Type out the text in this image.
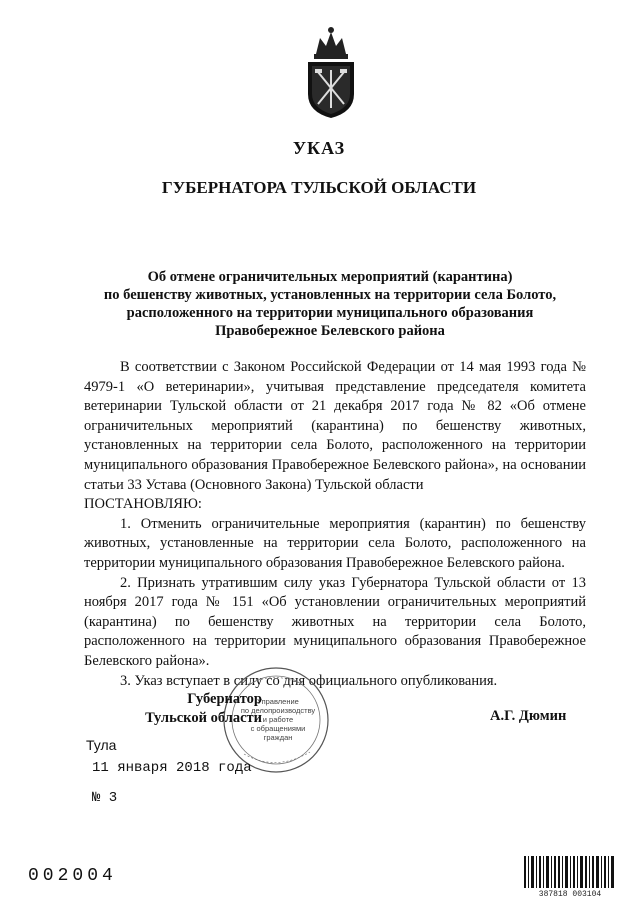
УКАЗ
ГУБЕРНАТОРА ТУЛЬСКОЙ ОБЛАСТИ
Об отмене ограничительных мероприятий (карантина)
по бешенству животных, установленных на территории села Болото,
расположенного на территории муниципального образования
Правобережное Белевского района

В соответствии с Законом Российской Федерации от 14 мая 1993 года № 4979-1 «О ветеринарии», учитывая представление председателя комитета ветеринарии Тульской области от 21 декабря 2017 года № 82 «Об отмене ограничительных мероприятий (карантина) по бешенству животных, установленных на территории села Болото, расположенного на территории муниципального образования Правобережное Белевского района», на основании статьи 33 Устава (Основного Закона) Тульской области

ПОСТАНОВЛЯЮ:

1. Отменить ограничительные мероприятия (карантин) по бешенству животных, установленные на территории села Болото, расположенного на территории муниципального образования Правобережное Белевского района.

2. Признать утратившим силу указ Губернатора Тульской области от 13 ноября 2017 года № 151 «Об установлении ограничительных мероприятий (карантина) по бешенству животных на территории села Болото, расположенного на территории муниципального образования Правобережное Белевского района».

3. Указ вступает в силу со дня официального опубликования.

Управление
по делопроизводству
и работе
с обращениями
граждан
Губернатор
Тульской области	А.Г. Дюмин
Тула
11 января 2018 года
№ 3
002004
387818 003104
